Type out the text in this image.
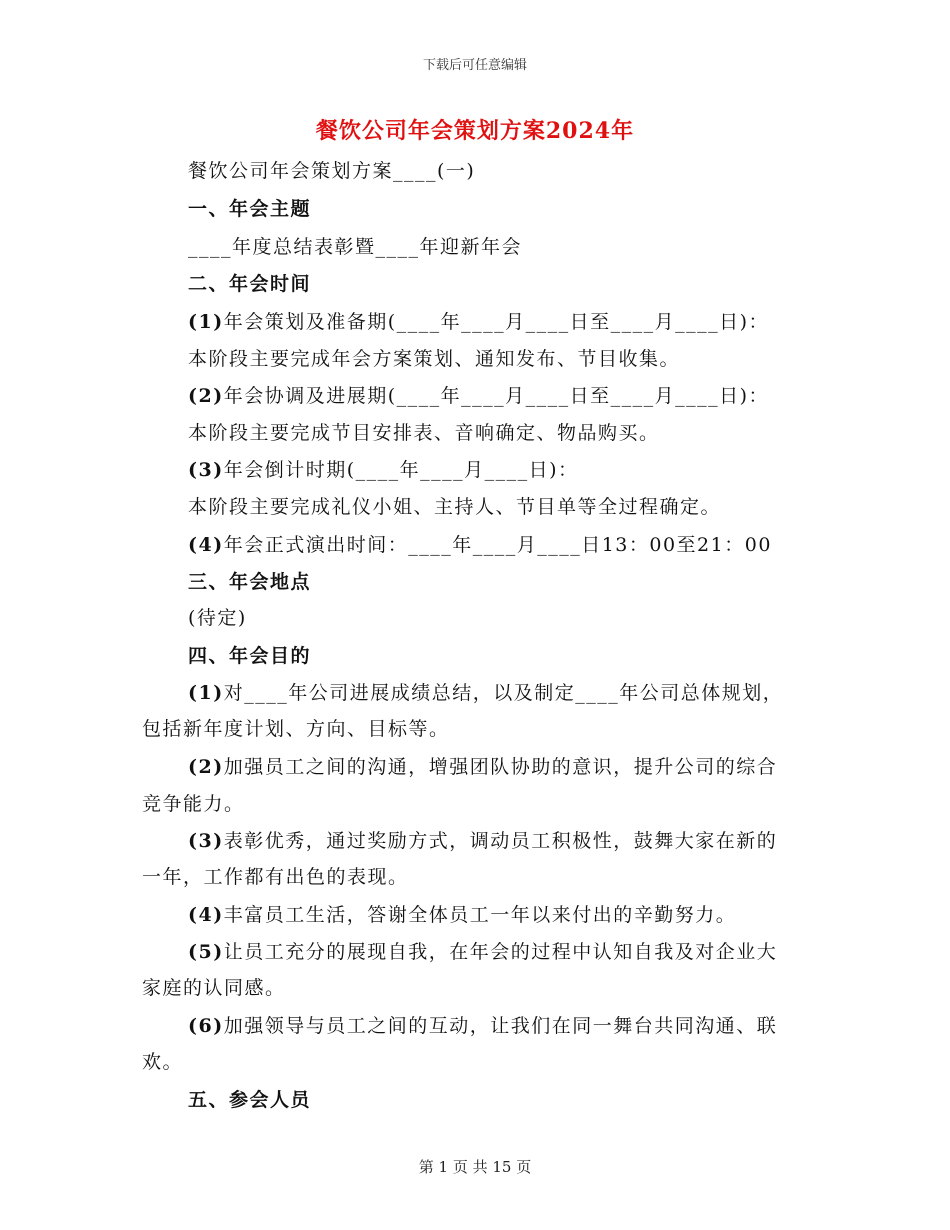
下载后可任意编辑
餐饮公司年会策划方案2024年
餐饮公司年会策划方案____(一)
一、年会主题
____年度总结表彰暨____年迎新年会
二、年会时间
(1)年会策划及准备期(____年____月____日至____月____日)：
本阶段主要完成年会方案策划、通知发布、节目收集。
(2)年会协调及进展期(____年____月____日至____月____日)：
本阶段主要完成节目安排表、音响确定、物品购买。
(3)年会倒计时期(____年____月____日)：
本阶段主要完成礼仪小姐、主持人、节目单等全过程确定。
(4)年会正式演出时间：____年____月____日13：00至21：00
三、年会地点
(待定)
四、年会目的
(1)对____年公司进展成绩总结，以及制定____年公司总体规划，
包括新年度计划、方向、目标等。
(2)加强员工之间的沟通，增强团队协助的意识，提升公司的综合
竞争能力。
(3)表彰优秀，通过奖励方式，调动员工积极性，鼓舞大家在新的
一年，工作都有出色的表现。
(4)丰富员工生活，答谢全体员工一年以来付出的辛勤努力。
(5)让员工充分的展现自我，在年会的过程中认知自我及对企业大
家庭的认同感。
(6)加强领导与员工之间的互动，让我们在同一舞台共同沟通、联
欢。
五、参会人员
第 1 页 共 15 页
